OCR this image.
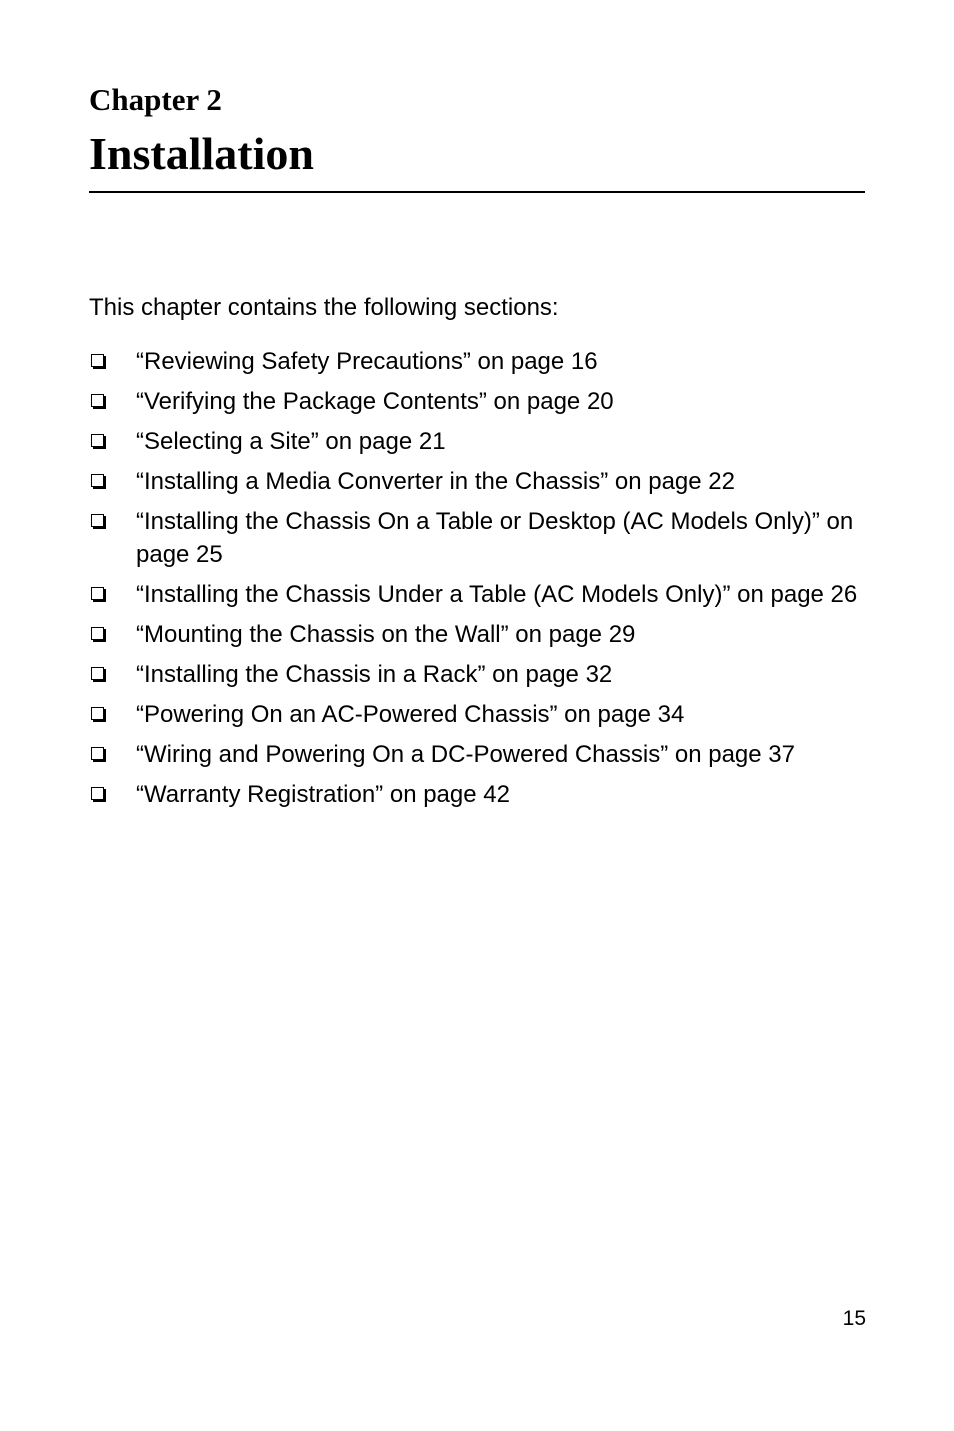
Chapter 2
Installation

This chapter contains the following sections:

“Reviewing Safety Precautions” on page 16
“Verifying the Package Contents” on page 20
“Selecting a Site” on page 21
“Installing a Media Converter in the Chassis” on page 22
“Installing the Chassis On a Table or Desktop (AC Models Only)” on page 25
“Installing the Chassis Under a Table (AC Models Only)” on page 26
“Mounting the Chassis on the Wall” on page 29
“Installing the Chassis in a Rack” on page 32
“Powering On an AC-Powered Chassis” on page 34
“Wiring and Powering On a DC-Powered Chassis” on page 37
“Warranty Registration” on page 42

15
